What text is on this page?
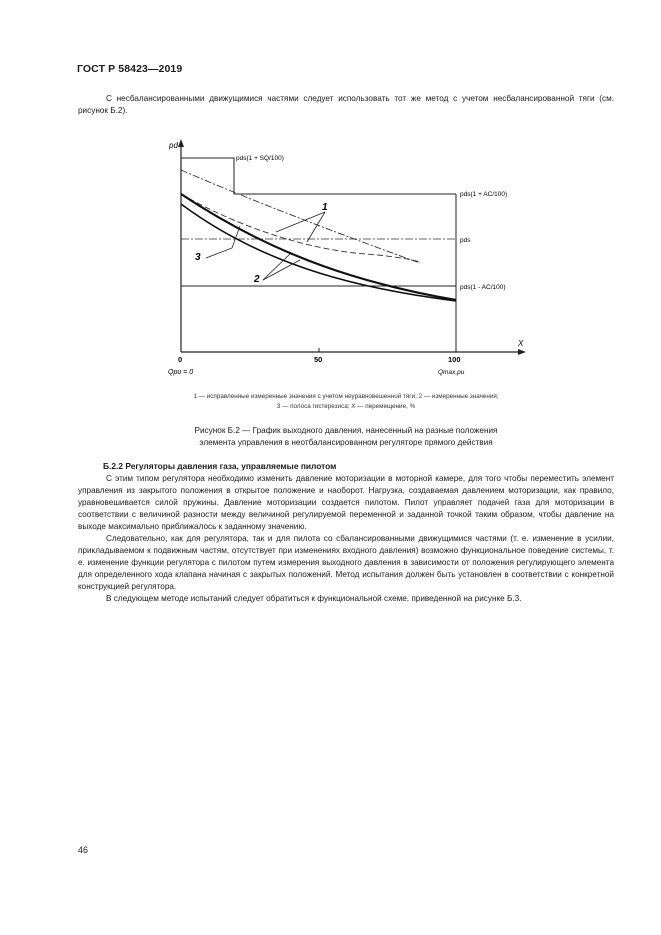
ГОСТ Р 58423—2019
С несбалансированными движущимися частями следует использовать тот же метод с учетом несбалансированной тяги (см. рисунок Б.2).
pd
X
0	50	100
Qpu = 0	Qmax,pu
pds(1 + SQ/100)
pds(1 + AC/100)
pds
pds(1 - AC/100)
1
2
3
1 — исправленные измеренные значения с учетом неуравновешенной тяги; 2 — измеренные значения;
3 — полоса гистерезиса; X — перемещение, %
Рисунок Б.2 — График выходного давления, нанесенный на разные положения
элемента управления в неотбалансированном регуляторе прямого действия
Б.2.2 Регуляторы давления газа, управляемые пилотом
С этим типом регулятора необходимо изменить давление моторизации в моторной камере, для того чтобы переместить элемент управления из закрытого положения в открытое положение и наоборот. Нагрузка, создаваемая давлением моторизации, как правило, уравновешивается силой пружины. Давление моторизации создается пилотом. Пилот управляет подачей газа для моторизации в соответствии с величиной разности между величиной регулируемой переменной и заданной точкой таким образом, чтобы давление на выходе максимально приближалось к заданному значению.
Следовательно, как для регулятора, так и для пилота со сбалансированными движущимися частями (т. е. изменение в усилии, прикладываемом к подвижным частям, отсутствует при изменениях входного давления) возможно функциональное поведение системы, т. е. изменение функции регулятора с пилотом путем измерения выходного давления в зависимости от положения регулирующего элемента для определенного хода клапана начиная с закрытых положений. Метод испытания должен быть установлен в соответствии с конкретной конструкцией регулятора.
В следующем методе испытаний следует обратиться к функциональной схеме, приведенной на рисунке Б.3.
46
